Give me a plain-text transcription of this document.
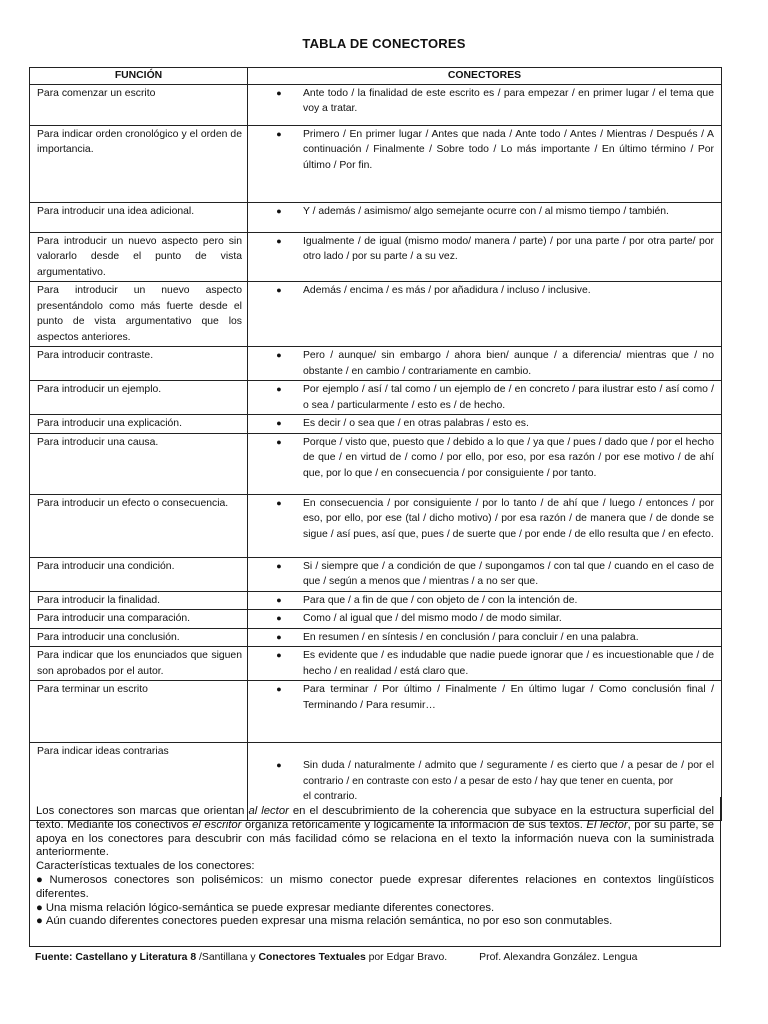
TABLA DE CONECTORES
FUNCIÓN	CONECTORES
Para comenzar un escrito	● Ante todo / la finalidad de este escrito es / para empezar / en primer lugar / el tema que voy a tratar.

Para indicar orden cronológico y el orden de importancia.	● Primero / En primer lugar / Antes que nada / Ante todo / Antes / Mientras / Después / A continuación / Finalmente / Sobre todo / Lo más importante / En último término / Por último / Por fin.

Para introducir una idea adicional.	● Y / además / asimismo/ algo semejante ocurre con / al mismo tiempo / también.

Para introducir un nuevo aspecto pero sin valorarlo desde el punto de vista argumentativo.	● Igualmente / de igual (mismo modo/ manera / parte) / por una parte / por otra parte/ por otro lado / por su parte / a su vez.

Para introducir un nuevo aspecto presentándolo como más fuerte desde el punto de vista argumentativo que los aspectos anteriores.	● Además / encima / es más / por añadidura / incluso / inclusive.

Para introducir contraste.	● Pero / aunque/ sin embargo / ahora bien/ aunque / a diferencia/ mientras que / no obstante / en cambio / contrariamente en cambio.

Para introducir un ejemplo.	● Por ejemplo / así / tal como / un ejemplo de / en concreto / para ilustrar esto / así como / o sea / particularmente / esto es / de hecho.

Para introducir una explicación.	● Es decir / o sea que / en otras palabras / esto es.

Para introducir una causa.	● Porque / visto que, puesto que / debido a lo que / ya que / pues / dado que / por el hecho de que / en virtud de / como / por ello, por eso, por esa razón / por ese motivo / de ahí que, por lo que / en consecuencia / por consiguiente / por tanto.

Para introducir un efecto o consecuencia.	● En consecuencia / por consiguiente / por lo tanto / de ahí que / luego / entonces / por eso, por ello, por ese (tal / dicho motivo) / por esa razón / de manera que / de donde se sigue / así pues, así que, pues / de suerte que / por ende / de ello resulta que / en efecto.

Para introducir una condición.	● Si / siempre que / a condición de que / supongamos / con tal que / cuando en el caso de que / según a menos que / mientras / a no ser que.

Para introducir la finalidad.	● Para que / a fin de que / con objeto de / con la intención de.

Para introducir una comparación.	● Como / al igual que / del mismo modo / de modo similar.

Para introducir una conclusión.	● En resumen / en síntesis / en conclusión / para concluir / en una palabra.

Para indicar que los enunciados que siguen son aprobados por el autor.	● Es evidente que / es indudable que nadie puede ignorar que / es incuestionable que / de hecho / en realidad / está claro que.

Para terminar un escrito	● Para terminar / Por último / Finalmente / En último lugar / Como conclusión final / Terminando / Para resumir…

Para indicar ideas contrarias	● Sin duda / naturalmente / admito que / seguramente / es cierto que / a pesar de / por el contrario / en contraste con esto / a pesar de esto / hay que tener en cuenta, por
el contrario.

Los conectores son marcas que orientan al lector en el descubrimiento de la coherencia que subyace en la estructura superficial del texto. Mediante los conectivos el escritor organiza retóricamente y lógicamente la información de sus textos. El lector, por su parte, se apoya en los conectores para descubrir con más facilidad cómo se relaciona en el texto la información nueva con la suministrada anteriormente.

Características textuales de los conectores:

● Numerosos conectores son polisémicos: un mismo conector puede expresar diferentes relaciones en contextos lingüísticos diferentes.

● Una misma relación lógico-semántica se puede expresar mediante diferentes conectores.

● Aún cuando diferentes conectores pueden expresar una misma relación semántica, no por eso son conmutables.

Fuente: Castellano y Literatura 8 /Santillana y Conectores Textuales por Edgar Bravo.	Prof. Alexandra González. Lengua
